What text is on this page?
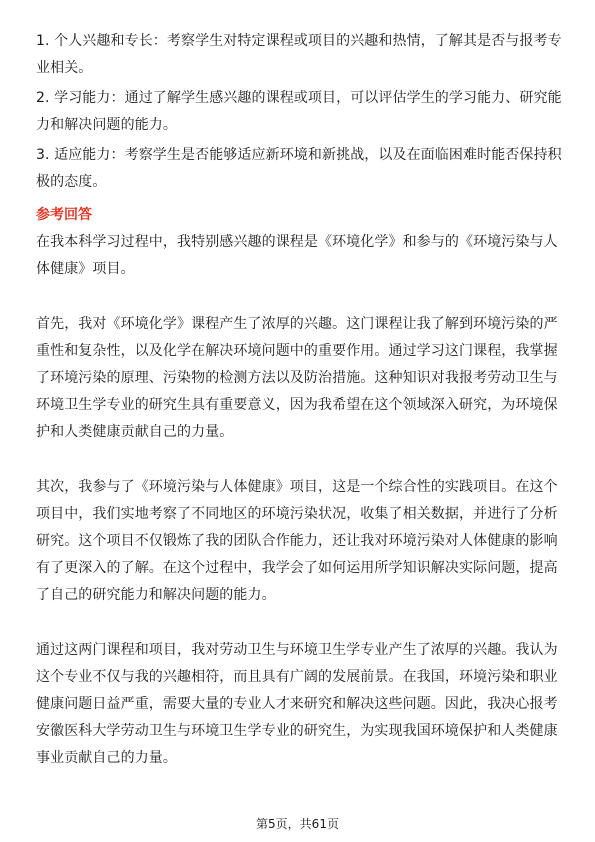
1. 个人兴趣和专长：考察学生对特定课程或项目的兴趣和热情，了解其是否与报考专业相关。

2. 学习能力：通过了解学生感兴趣的课程或项目，可以评估学生的学习能力、研究能力和解决问题的能力。

3. 适应能力：考察学生是否能够适应新环境和新挑战，以及在面临困难时能否保持积极的态度。

参考回答

在我本科学习过程中，我特别感兴趣的课程是《环境化学》和参与的《环境污染与人体健康》项目。

首先，我对《环境化学》课程产生了浓厚的兴趣。这门课程让我了解到环境污染的严重性和复杂性，以及化学在解决环境问题中的重要作用。通过学习这门课程，我掌握了环境污染的原理、污染物的检测方法以及防治措施。这种知识对我报考劳动卫生与环境卫生学专业的研究生具有重要意义，因为我希望在这个领域深入研究，为环境保护和人类健康贡献自己的力量。

其次，我参与了《环境污染与人体健康》项目，这是一个综合性的实践项目。在这个项目中，我们实地考察了不同地区的环境污染状况，收集了相关数据，并进行了分析研究。这个项目不仅锻炼了我的团队合作能力，还让我对环境污染对人体健康的影响有了更深入的了解。在这个过程中，我学会了如何运用所学知识解决实际问题，提高了自己的研究能力和解决问题的能力。

通过这两门课程和项目，我对劳动卫生与环境卫生学专业产生了浓厚的兴趣。我认为这个专业不仅与我的兴趣相符，而且具有广阔的发展前景。在我国，环境污染和职业健康问题日益严重，需要大量的专业人才来研究和解决这些问题。因此，我决心报考安徽医科大学劳动卫生与环境卫生学专业的研究生，为实现我国环境保护和人类健康事业贡献自己的力量。

第5页，共61页
